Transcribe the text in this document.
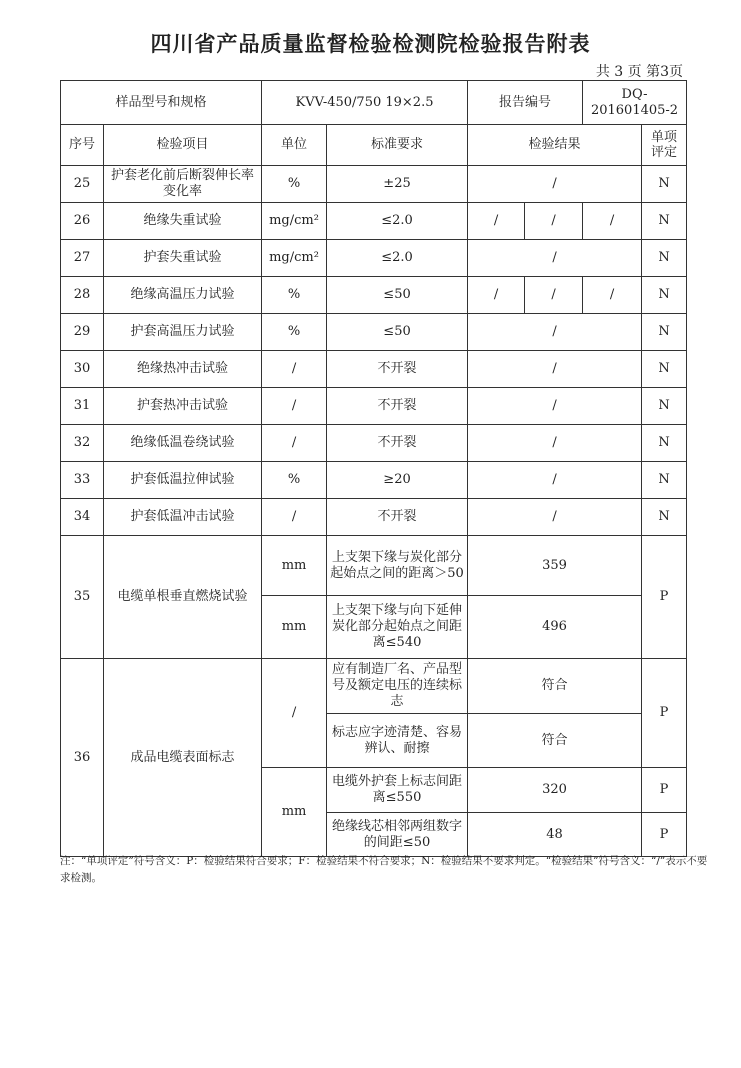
四川省产品质量监督检验检测院检验报告附表
共 3 页 第3页
样品型号和规格		KVV-450/750 19×2.5		报告编号		DQ-201601405-2	
序号	检验项目	单位	标准要求	检验结果			单项评定
25	护套老化前后断裂伸长率变化率	%	±25	/			N
26	绝缘失重试验	mg/cm²	≤2.0	/	/	/	N
27	护套失重试验	mg/cm²	≤2.0	/			N
28	绝缘高温压力试验	%	≤50	/	/	/	N
29	护套高温压力试验	%	≤50	/			N
30	绝缘热冲击试验	/	不开裂	/			N
31	护套热冲击试验	/	不开裂	/			N
32	绝缘低温卷绕试验	/	不开裂	/			N
33	护套低温拉伸试验	%	≥20	/			N
34	护套低温冲击试验	/	不开裂	/			N
35	电缆单根垂直燃烧试验	mm	上支架下缘与炭化部分起始点之间的距离＞50	359			P
		mm	上支架下缘与向下延伸炭化部分起始点之间距离≤540	496			
36	成品电缆表面标志	/	应有制造厂名、产品型号及额定电压的连续标志	符合			P
			标志应字迹清楚、容易辨认、耐擦	符合			
		mm	电缆外护套上标志间距离≤550	320			P
			绝缘线芯相邻两组数字的间距≤50	48			P
注：“单项评定”符号含义：P：检验结果符合要求；F：检验结果不符合要求；N：检验结果不要求判定。“检验结果”符号含义：“/”表示不要求检测。
